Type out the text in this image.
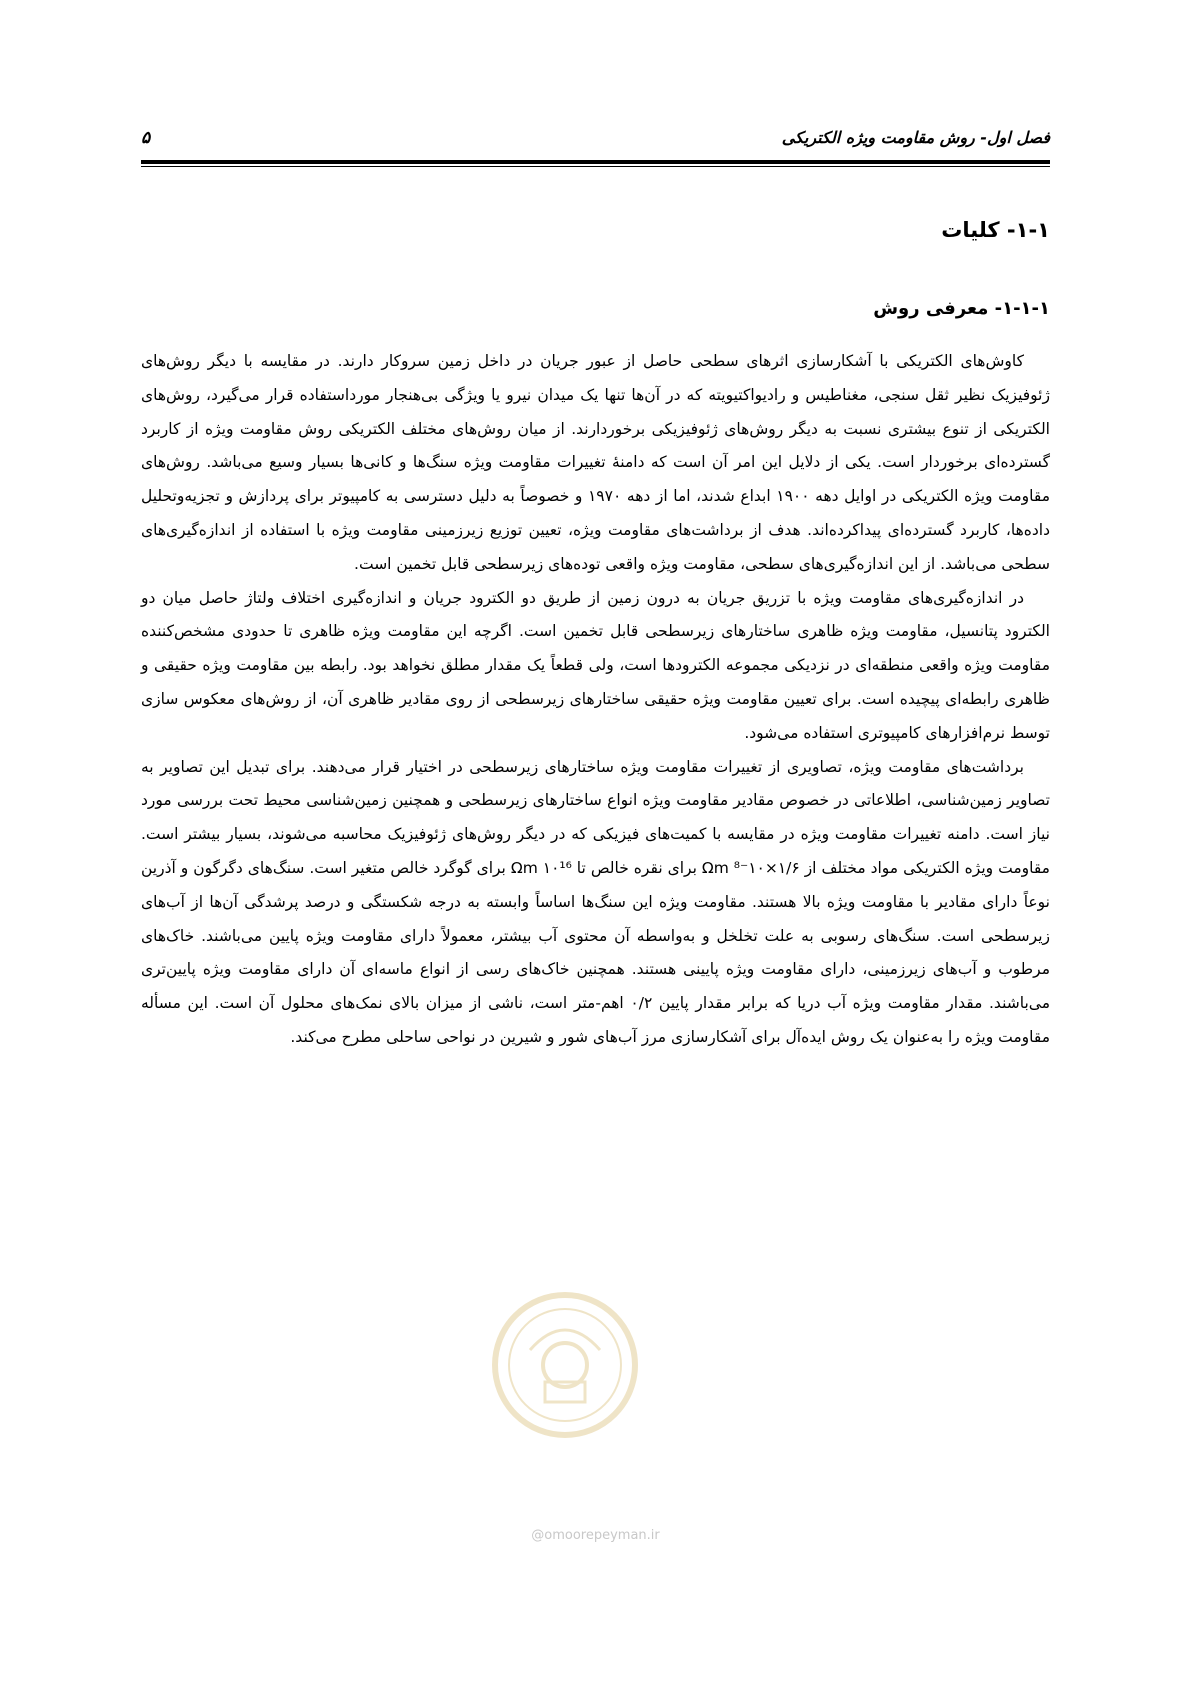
فصل اول- روش مقاومت ویژه الکتریکی
۵
۱-۱- کلیات
۱-۱-۱- معرفی روش

کاوش‌های الکتریکی با آشکارسازی اثرهای سطحی حاصل از عبور جریان در داخل زمین سروکار دارند. در مقایسه با دیگر روش‌های ژئوفیزیک نظیر ثقل سنجی، مغناطیس و رادیواکتیویته که در آن‌ها تنها یک میدان نیرو یا ویژگی بی‌هنجار مورداستفاده قرار می‌گیرد، روش‌های الکتریکی از تنوع بیشتری نسبت به دیگر روش‌های ژئوفیزیکی برخوردارند. از میان روش‌های مختلف الکتریکی روش مقاومت ویژه از کاربرد گسترده‌ای برخوردار است. یکی از دلایل این امر آن است که دامنهٔ تغییرات مقاومت ویژه سنگ‌ها و کانی‌ها بسیار وسیع می‌باشد. روش‌های مقاومت ویژه الکتریکی در اوایل دهه ۱۹۰۰ ابداع شدند، اما از دهه ۱۹۷۰ و خصوصاً به دلیل دسترسی به کامپیوتر برای پردازش و تجزیه‌وتحلیل داده‌ها، کاربرد گسترده‌ای پیداکرده‌اند. هدف از برداشت‌های مقاومت ویژه، تعیین توزیع زیرزمینی مقاومت ویژه با استفاده از اندازه‌گیری‌های سطحی می‌باشد. از این اندازه‌گیری‌های سطحی، مقاومت ویژه واقعی توده‌های زیرسطحی قابل تخمین است.

در اندازه‌گیری‌های مقاومت ویژه با تزریق جریان به درون زمین از طریق دو الکترود جریان و اندازه‌گیری اختلاف ولتاژ حاصل میان دو الکترود پتانسیل، مقاومت ویژه ظاهری ساختارهای زیرسطحی قابل تخمین است. اگرچه این مقاومت ویژه ظاهری تا حدودی مشخص‌کننده مقاومت ویژه واقعی منطقه‌ای در نزدیکی مجموعه الکترودها است، ولی قطعاً یک مقدار مطلق نخواهد بود. رابطه بین مقاومت ویژه حقیقی و ظاهری رابطه‌ای پیچیده است. برای تعیین مقاومت ویژه حقیقی ساختارهای زیرسطحی از روی مقادیر ظاهری آن، از روش‌های معکوس سازی توسط نرم‌افزارهای کامپیوتری استفاده می‌شود.

برداشت‌های مقاومت ویژه، تصاویری از تغییرات مقاومت ویژه ساختارهای زیرسطحی در اختیار قرار می‌دهند. برای تبدیل این تصاویر به تصاویر زمین‌شناسی، اطلاعاتی در خصوص مقادیر مقاومت ویژه انواع ساختارهای زیرسطحی و همچنین زمین‌شناسی محیط تحت بررسی مورد نیاز است. دامنه تغییرات مقاومت ویژه در مقایسه با کمیت‌های فیزیکی که در دیگر روش‌های ژئوفیزیک محاسبه می‌شوند، بسیار بیشتر است. مقاومت ویژه الکتریکی مواد مختلف از ۱/۶×۱۰⁻⁸ Ωm برای نقره خالص تا ۱۰¹⁶ Ωm برای گوگرد خالص متغیر است. سنگ‌های دگرگون و آذرین نوعاً دارای مقادیر با مقاومت ویژه بالا هستند. مقاومت ویژه این سنگ‌ها اساساً وابسته به درجه شکستگی و درصد پرشدگی آن‌ها از آب‌های زیرسطحی است. سنگ‌های رسوبی به علت تخلخل و به‌واسطه آن محتوی آب بیشتر، معمولاً دارای مقاومت ویژه پایین می‌باشند. خاک‌های مرطوب و آب‌های زیرزمینی، دارای مقاومت ویژه پایینی هستند. همچنین خاک‌های رسی از انواع ماسه‌ای آن دارای مقاومت ویژه پایین‌تری می‌باشند. مقدار مقاومت ویژه آب دریا که برابر مقدار پایین ۰/۲ اهم-متر است، ناشی از میزان بالای نمک‌های محلول آن است. این مسأله مقاومت ویژه را به‌عنوان یک روش ایده‌آل برای آشکارسازی مرز آب‌های شور و شیرین در نواحی ساحلی مطرح می‌کند.

@omoorepeyman.ir
